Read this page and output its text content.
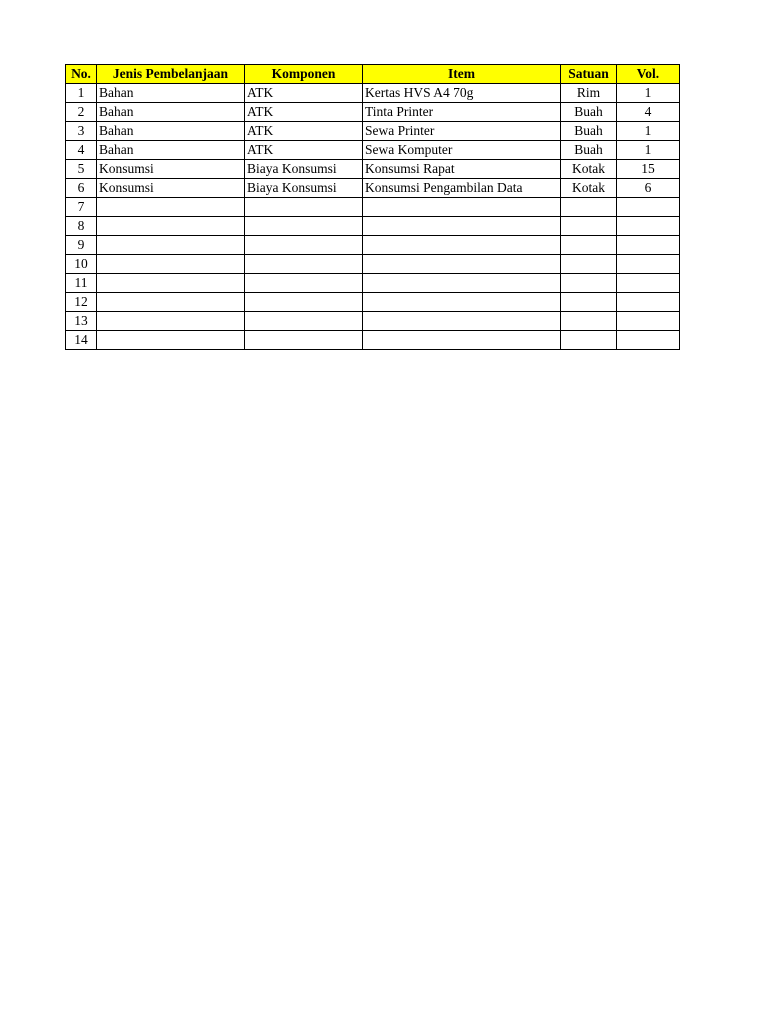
No.	Jenis Pembelanjaan	Komponen	Item	Satuan	Vol.
1	Bahan	ATK	Kertas HVS A4 70g	Rim	1
2	Bahan	ATK	Tinta Printer	Buah	4
3	Bahan	ATK	Sewa Printer	Buah	1
4	Bahan	ATK	Sewa Komputer	Buah	1
5	Konsumsi	Biaya Konsumsi	Konsumsi Rapat	Kotak	15
6	Konsumsi	Biaya Konsumsi	Konsumsi Pengambilan Data	Kotak	6
7					
8					
9					
10					
11					
12					
13					
14					
